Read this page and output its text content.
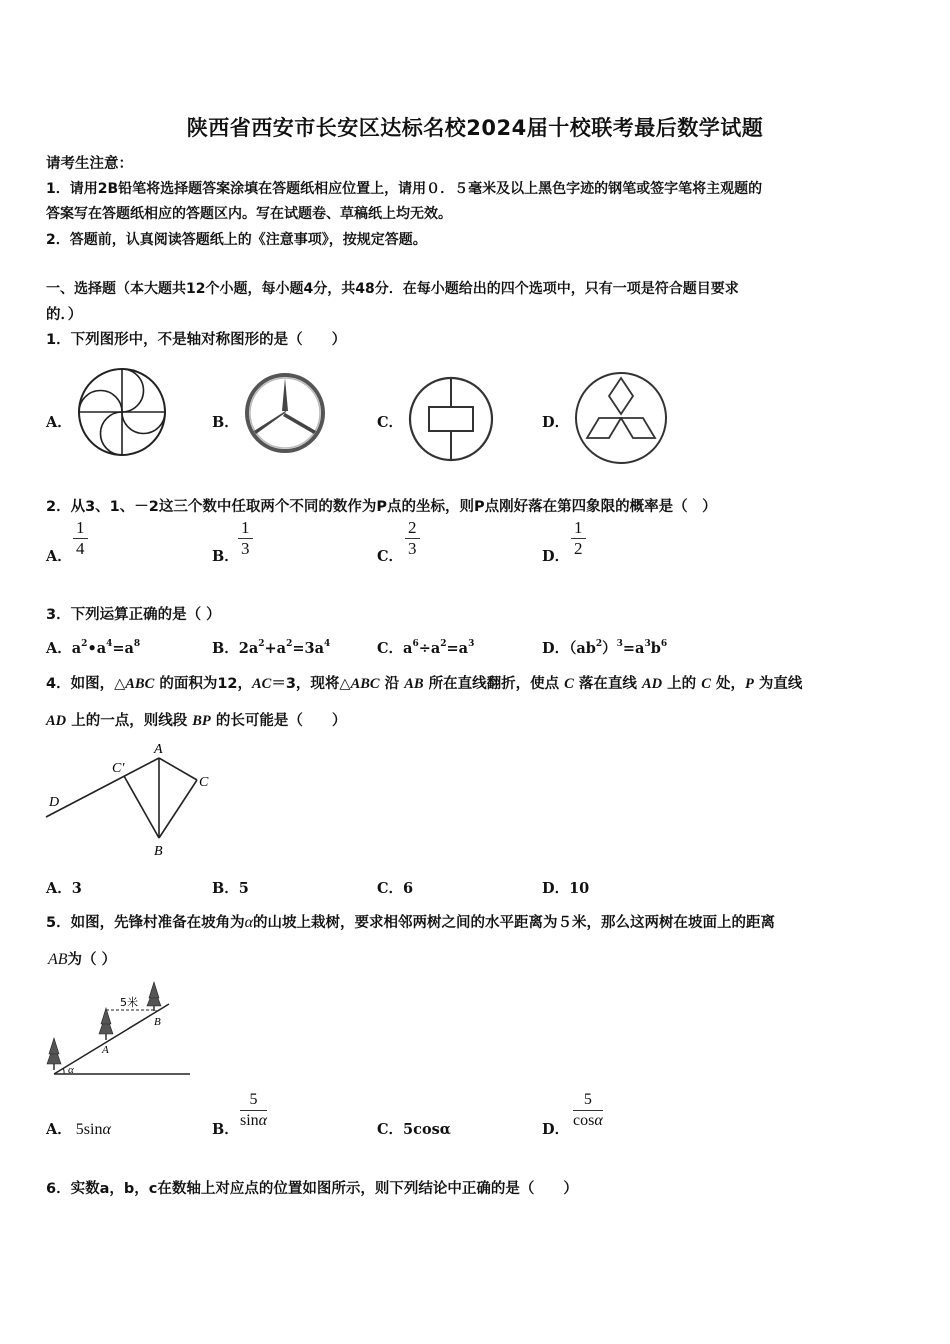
陕西省西安市长安区达标名校2024届十校联考最后数学试题
请考生注意：
1．请用2B铅笔将选择题答案涂填在答题纸相应位置上，请用０．５毫米及以上黑色字迹的钢笔或签字笔将主观题的
答案写在答题纸相应的答题区内。写在试题卷、草稿纸上均无效。
2．答题前，认真阅读答题纸上的《注意事项》，按规定答题。
一、选择题（本大题共12个小题，每小题4分，共48分．在每小题给出的四个选项中，只有一项是符合题目要求
的．）
1．下列图形中，不是轴对称图形的是（　　）
A．	B．	C．	D．
2．从3、1、－2这三个数中任取两个不同的数作为P点的坐标，则P点刚好落在第四象限的概率是（　）
A． $\frac{1}{4}$	B． $\frac{1}{3}$	C． $\frac{2}{3}$	D． $\frac{1}{2}$
3．下列运算正确的是（ ）
A．$a^2•a^4=a^8$	B．$2a^2+a^2=3a^4$	C．$a^6\div a^2=a^3$	D．$(ab^2)^3=a^3b^6$
4．如图，△ABC 的面积为12，AC＝3，现将△ABC 沿 AB 所在直线翻折，使点 C 落在直线 AD 上的 C 处，P 为直线
AD 上的一点，则线段 BP 的长可能是（　　）
A
B
C
C′
D
A．3	B．5	C．6	D．10
5．如图，先锋村准备在坡角为α的山坡上栽树，要求相邻两树之间的水平距离为５米，那么这两树在坡面上的距离
AB为（ ）
5米
A
B
α
A． 5sinα	B． $\frac{5}{\sin\alpha}$	C．5cosα	D． $\frac{5}{\cos\alpha}$
6．实数a，b，c在数轴上对应点的位置如图所示，则下列结论中正确的是（　　）
